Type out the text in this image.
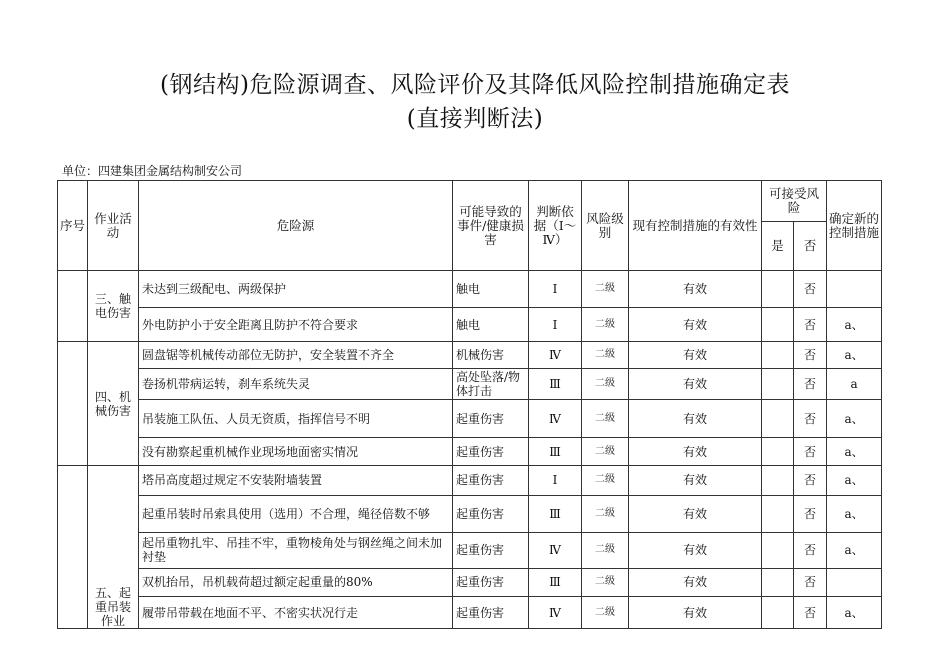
(钢结构)危险源调查、风险评价及其降低风险控制措施确定表
(直接判断法)
单位：四建集团金属结构制安公司
序号	作业活动	危险源	可能导致的事件/健康损害	判断依据（Ⅰ～Ⅳ）	风险级别	现有控制措施的有效性	可接受风险		确定新的控制措施
							是	否	
	三、触电伤害	未达到三级配电、两级保护	触电	Ⅰ	二级	有效		否	
		外电防护小于安全距离且防护不符合要求	触电	Ⅰ	二级	有效		否	a、
	四、机械伤害	圆盘锯等机械传动部位无防护，安全装置不齐全	机械伤害	Ⅳ	二级	有效		否	a、
		卷扬机带病运转，刹车系统失灵	高处坠落/物体打击	Ⅲ	二级	有效		否	a
		吊装施工队伍、人员无资质，指挥信号不明	起重伤害	Ⅳ	二级	有效		否	a、
		没有勘察起重机械作业现场地面密实情况	起重伤害	Ⅲ	二级	有效		否	a、
	五、起重吊装作业	塔吊高度超过规定不安装附墙装置	起重伤害	Ⅰ	二级	有效		否	a、
		起重吊装时吊索具使用（选用）不合理，绳径倍数不够	起重伤害	Ⅲ	二级	有效		否	a、
		起吊重物扎牢、吊挂不牢，重物棱角处与钢丝绳之间未加衬垫	起重伤害	Ⅳ	二级	有效		否	a、
		双机抬吊，吊机载荷超过额定起重量的80%	起重伤害	Ⅲ	二级	有效		否	
		履带吊带载在地面不平、不密实状况行走	起重伤害	Ⅳ	二级	有效		否	a、
